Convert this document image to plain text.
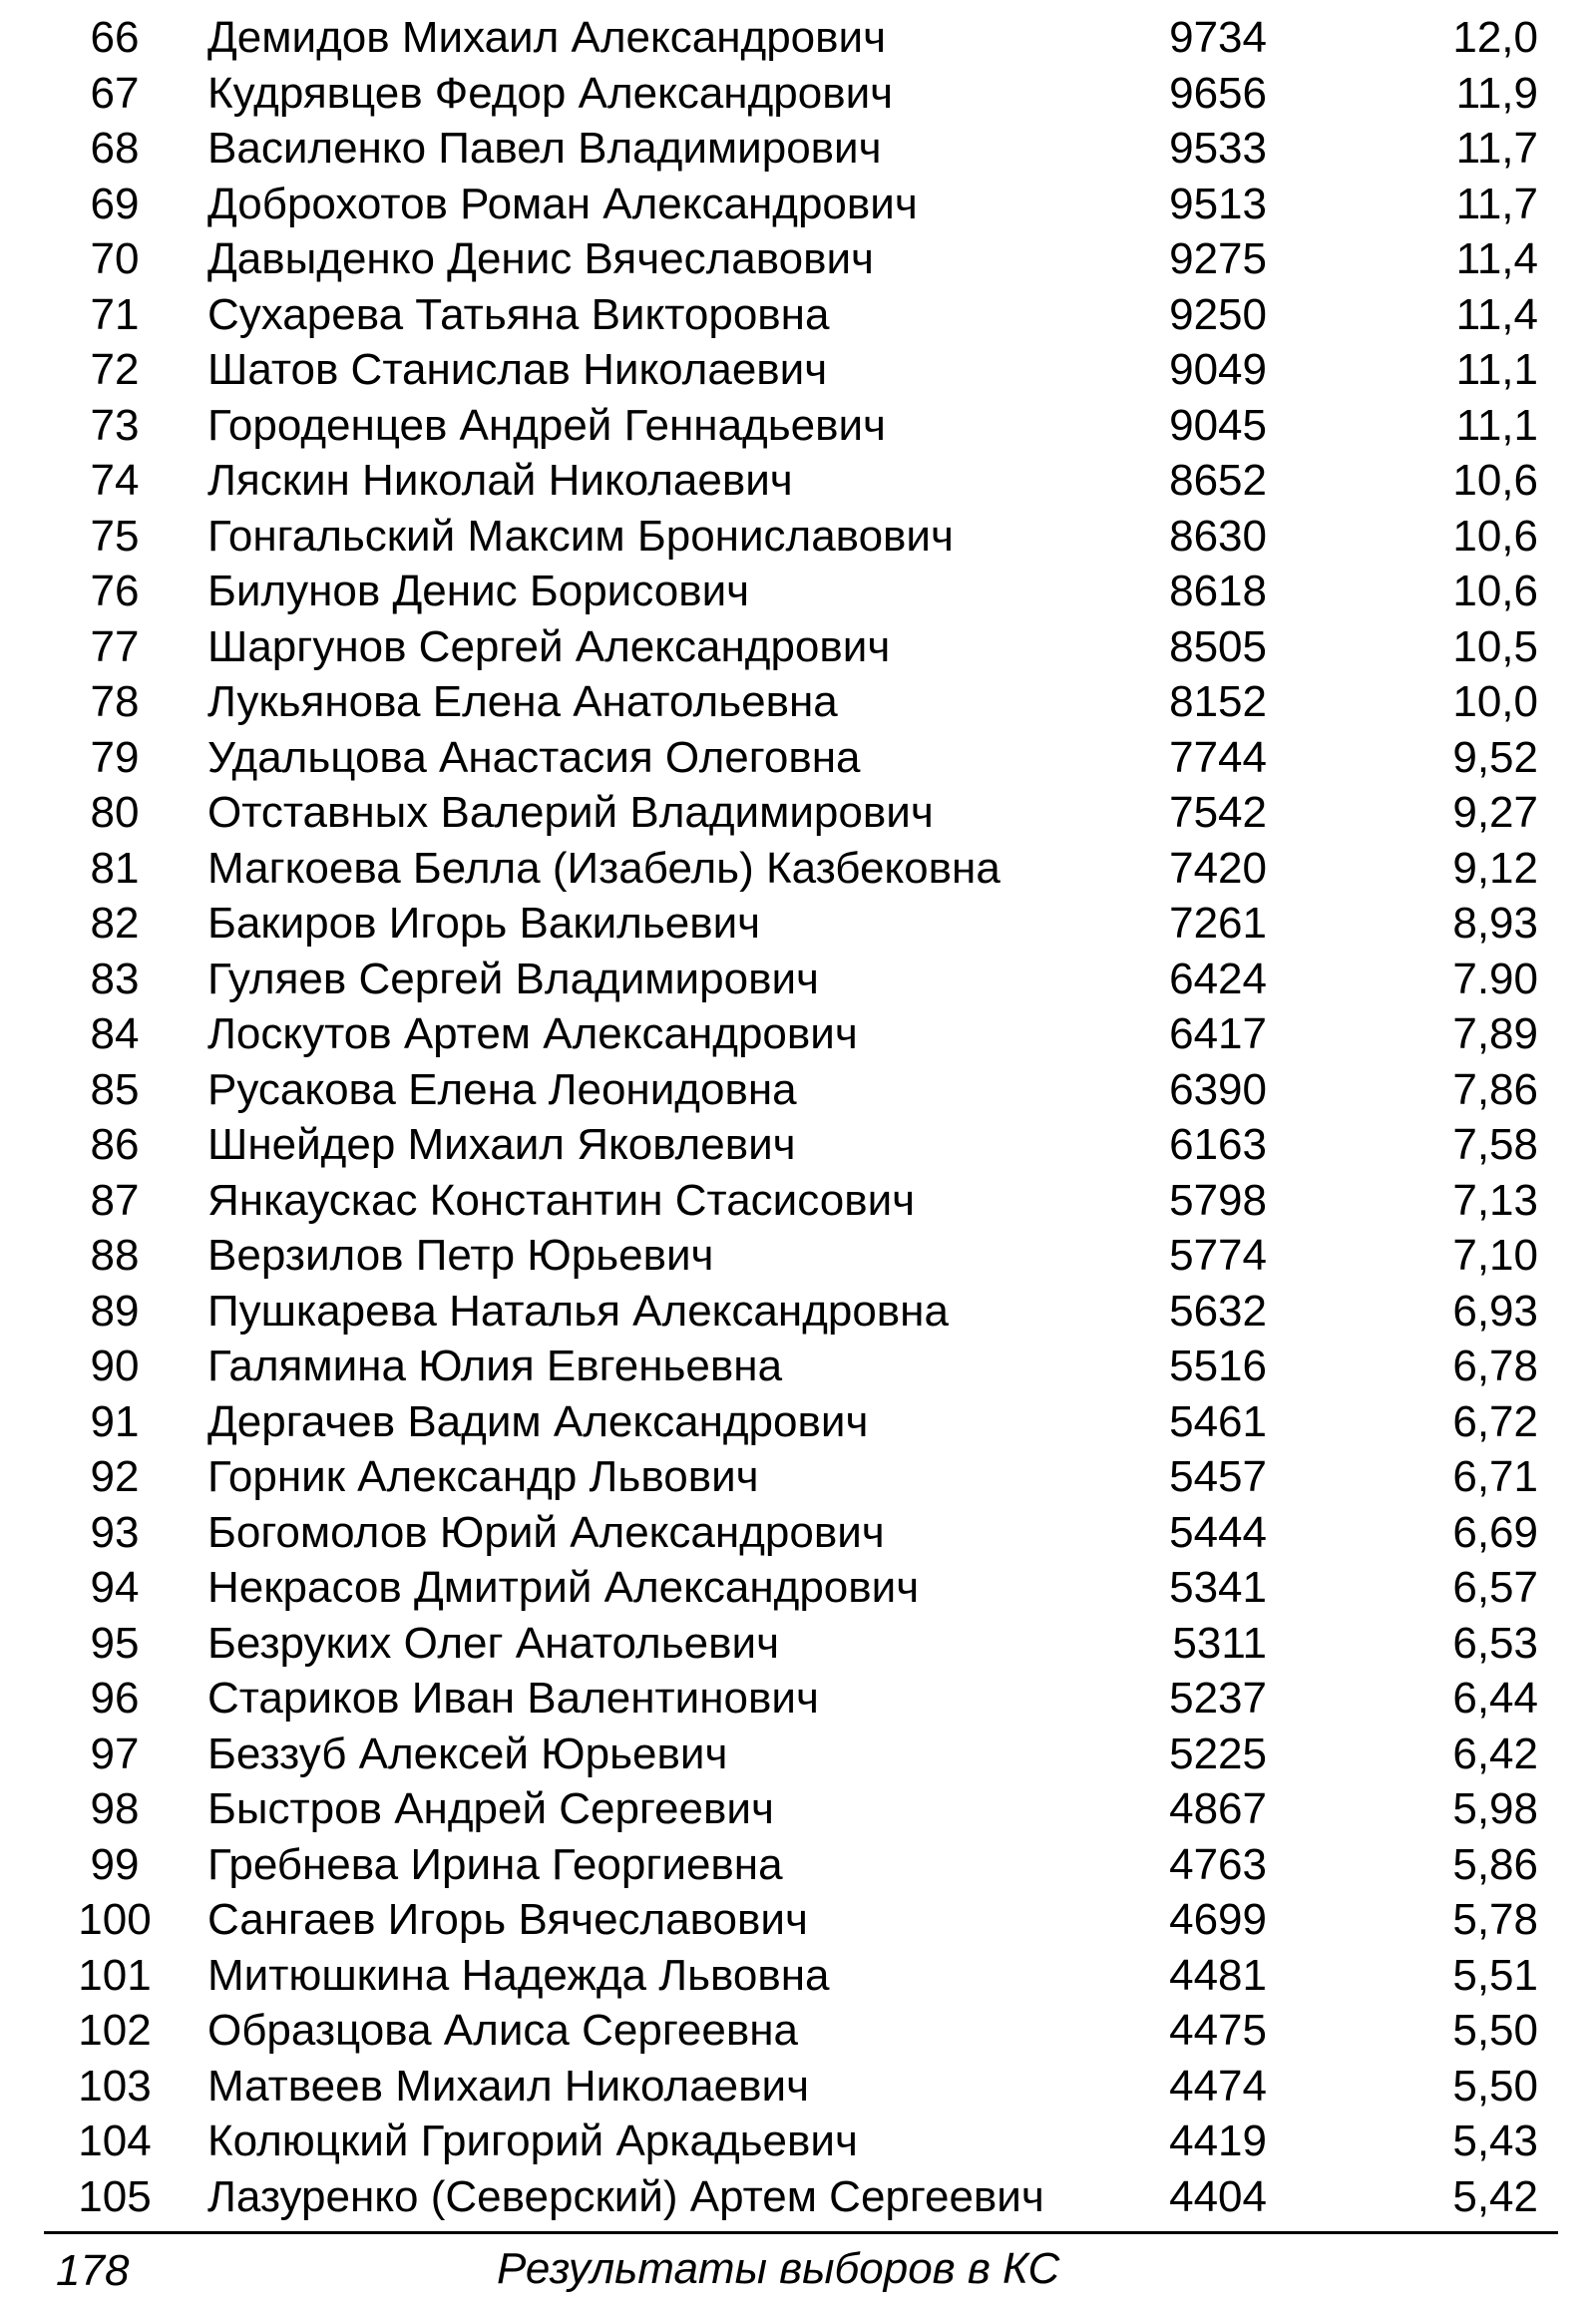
66	Демидов Михаил Александрович	9734	12,0
67	Кудрявцев Федор Александрович	9656	11,9
68	Василенко Павел Владимирович	9533	11,7
69	Доброхотов Роман Александрович	9513	11,7
70	Давыденко Денис Вячеславович	9275	11,4
71	Сухарева Татьяна Викторовна	9250	11,4
72	Шатов Станислав Николаевич	9049	11,1
73	Городенцев Андрей Геннадьевич	9045	11,1
74	Ляскин Николай Николаевич	8652	10,6
75	Гонгальский Максим Брониславович	8630	10,6
76	Билунов Денис Борисович	8618	10,6
77	Шаргунов Сергей Александрович	8505	10,5
78	Лукьянова Елена Анатольевна	8152	10,0
79	Удальцова Анастасия Олеговна	7744	9,52
80	Отставных Валерий Владимирович	7542	9,27
81	Магкоева Белла (Изабель) Казбековна	7420	9,12
82	Бакиров Игорь Вакильевич	7261	8,93
83	Гуляев Сергей Владимирович	6424	7.90
84	Лоскутов Артем Александрович	6417	7,89
85	Русакова Елена Леонидовна	6390	7,86
86	Шнейдер Михаил Яковлевич	6163	7,58
87	Янкаускас Константин Стасисович	5798	7,13
88	Верзилов Петр Юрьевич	5774	7,10
89	Пушкарева Наталья Александровна	5632	6,93
90	Галямина Юлия Евгеньевна	5516	6,78
91	Дергачев Вадим Александрович	5461	6,72
92	Горник Александр Львович	5457	6,71
93	Богомолов Юрий Александрович	5444	6,69
94	Некрасов Дмитрий Александрович	5341	6,57
95	Безруких Олег Анатольевич	5311	6,53
96	Стариков Иван Валентинович	5237	6,44
97	Беззуб Алексей Юрьевич	5225	6,42
98	Быстров Андрей Сергеевич	4867	5,98
99	Гребнева Ирина Георгиевна	4763	5,86
100	Сангаев Игорь Вячеславович	4699	5,78
101	Митюшкина Надежда Львовна	4481	5,51
102	Образцова Алиса Сергеевна	4475	5,50
103	Матвеев Михаил Николаевич	4474	5,50
104	Колюцкий Григорий Аркадьевич	4419	5,43
105	Лазуренко (Северский) Артем Сергеевич	4404	5,42
178	Результаты выборов в КС
